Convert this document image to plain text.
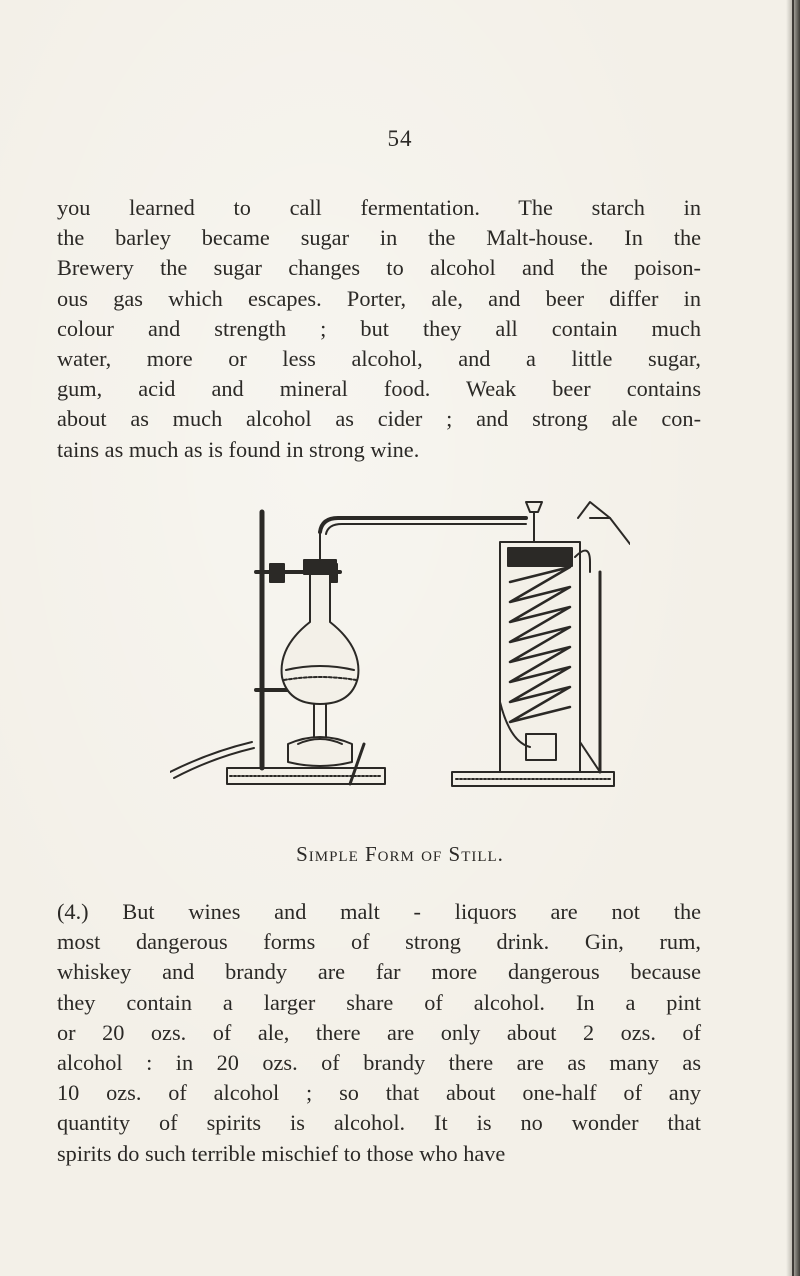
54
you learned to call fermentation. The starch in
the barley became sugar in the Malt-house. In the
Brewery the sugar changes to alcohol and the poison-
ous gas which escapes. Porter, ale, and beer differ in
colour and strength ; but they all contain much
water, more or less alcohol, and a little sugar,
gum, acid and mineral food. Weak beer contains
about as much alcohol as cider ; and strong ale con-
tains as much as is found in strong wine.
Simple Form of Still.
(4.) But wines and malt - liquors are not the
most dangerous forms of strong drink. Gin, rum,
whiskey and brandy are far more dangerous because
they contain a larger share of alcohol. In a pint
or 20 ozs. of ale, there are only about 2 ozs. of
alcohol : in 20 ozs. of brandy there are as many as
10 ozs. of alcohol ; so that about one-half of any
quantity of spirits is alcohol. It is no wonder that
spirits do such terrible mischief to those who have
